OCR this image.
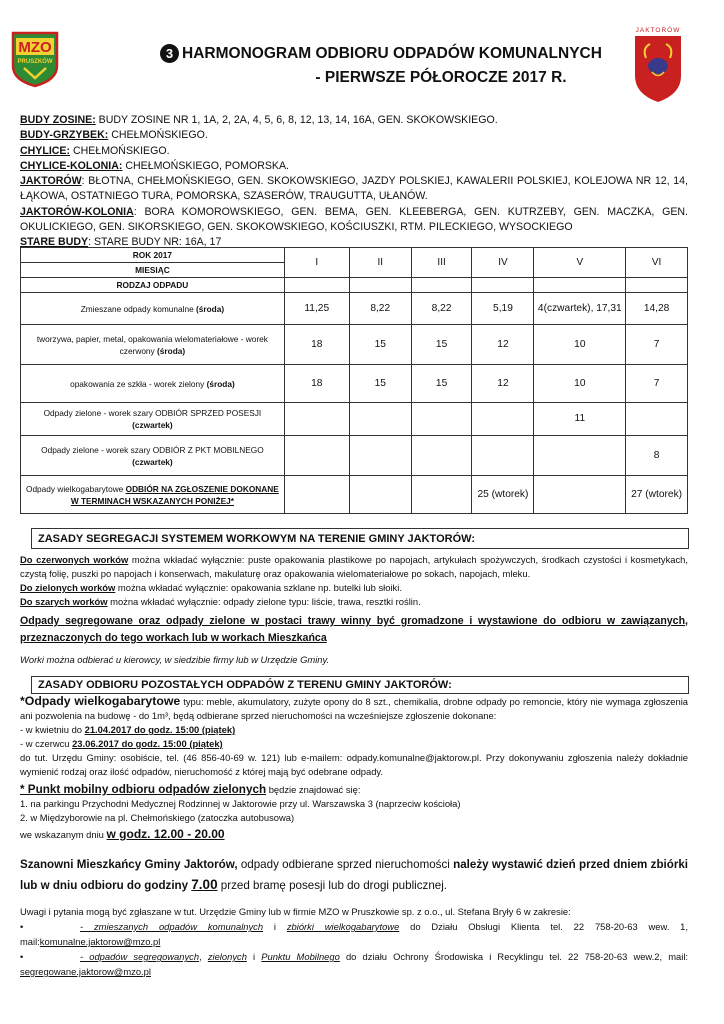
MZO
PRUSZKÓW
JAKTORÓW
3 HARMONOGRAM ODBIORU ODPADÓW KOMUNALNYCH
- PIERWSZE PÓŁOROCZE 2017 R.

BUDY ZOSINE: BUDY ZOSINE NR 1, 1A, 2, 2A, 4, 5, 6, 8, 12, 13, 14, 16A, GEN. SKOKOWSKIEGO.

BUDY-GRZYBEK: CHEŁMOŃSKIEGO.

CHYLICE: CHEŁMOŃSKIEGO.

CHYLICE-KOLONIA: CHEŁMOŃSKIEGO, POMORSKA.

JAKTORÓW: BŁOTNA, CHEŁMOŃSKIEGO, GEN. SKOKOWSKIEGO, JAZDY POLSKIEJ, KAWALERII POLSKIEJ, KOLEJOWA NR 12, 14, ŁĄKOWA, OSTATNIEGO TURA, POMORSKA, SZASERÓW, TRAUGUTTA, UŁANÓW.

JAKTORÓW-KOLONIA: BORA KOMOROWSKIEGO, GEN. BEMA, GEN. KLEEBERGA, GEN. KUTRZEBY, GEN. MACZKA, GEN. OKULICKIEGO, GEN. SIKORSKIEGO, GEN. SKOKOWSKIEGO, KOŚCIUSZKI, RTM. PILECKIEGO, WYSOCKIEGO

STARE BUDY: STARE BUDY NR: 16A, 17

ROK 2017	I	II	III	IV	V	VI
MIESIĄC						
RODZAJ ODPADU						
Zmieszane odpady komunalne (środa)	11,25	8,22	8,22	5,19	4(czwartek), 17,31	14,28
tworzywa, papier, metal, opakowania wielomateriałowe - worek czerwony (środa)	18	15	15	12	10	7
opakowania ze szkła - worek zielony (środa)	18	15	15	12	10	7
Odpady zielone - worek szary ODBIÓR SPRZED POSESJI (czwartek)					11	
Odpady zielone - worek szary ODBIÓR Z PKT MOBILNEGO (czwartek)						8
Odpady wielkogabarytowe ODBIÓR NA ZGŁOSZENIE DOKONANE W TERMINACH WSKAZANYCH PONIŻEJ*				25 (wtorek)		27 (wtorek)
ZASADY SEGREGACJI SYSTEMEM WORKOWYM NA TERENIE GMINY JAKTORÓW:

Do czerwonych worków można wkładać wyłącznie: puste opakowania plastikowe po napojach, artykułach spożywczych, środkach czystości i kosmetykach, czystą folię, puszki po napojach i konserwach, makulaturę oraz opakowania wielomateriałowe po sokach, napojach, mleku.

Do zielonych worków można wkładać wyłącznie: opakowania szklane np. butelki lub słoiki.

Do szarych worków można wkładać wyłącznie: odpady zielone typu: liście, trawa, resztki roślin.

Odpady segregowane oraz odpady zielone w postaci trawy winny być gromadzone i wystawione do odbioru w zawiązanych, przeznaczonych do tego workach lub w workach Mieszkańca
Worki można odbierać u kierowcy, w siedzibie firmy lub w Urzędzie Gminy.
ZASADY ODBIORU POZOSTAŁYCH ODPADÓW Z TERENU GMINY JAKTORÓW:

*Odpady wielkogabarytowe typu: meble, akumulatory, zużyte opony do 8 szt., chemikalia, drobne odpady po remoncie, który nie wymaga zgłoszenia ani pozwolenia na budowę - do 1m³, będą odbierane sprzed nieruchomości na wcześniejsze zgłoszenie dokonane:

- w kwietniu do 21.04.2017 do godz. 15:00 (piątek)

- w czerwcu 23.06.2017 do godz. 15:00 (piątek)

do tut. Urzędu Gminy: osobiście, tel. (46 856-40-69 w. 121) lub e-mailem: odpady.komunalne@jaktorow.pl. Przy dokonywaniu zgłoszenia należy dokładnie wymienić rodzaj oraz ilość odpadów, nieruchomość z której mają być odebrane odpady.

* Punkt mobilny odbioru odpadów zielonych będzie znajdować się:

1. na parkingu Przychodni Medycznej Rodzinnej w Jaktorowie przy ul. Warszawska 3 (naprzeciw kościoła)

2. w Międzyborowie na pl. Chełmońskiego (zatoczka autobusowa)

we wskazanym dniu w godz. 12.00 - 20.00

Szanowni Mieszkańcy Gminy Jaktorów, odpady odbierane sprzed nieruchomości należy wystawić dzień przed dniem zbiórki lub w dniu odbioru do godziny 7.00 przed bramę posesji lub do drogi publicznej.

Uwagi i pytania mogą być zgłaszane w tut. Urzędzie Gminy lub w firmie MZO w Pruszkowie sp. z o.o., ul. Stefana Bryły 6 w zakresie:

•	- zmieszanych odpadów komunalnych i zbiórki wielkogabarytowe do Działu Obsługi Klienta tel. 22 758-20-63 wew. 1, mail:komunalne.jaktorow@mzo.pl

•	- odpadów segregowanych, zielonych i Punktu Mobilnego do działu Ochrony Środowiska i Recyklingu tel. 22 758-20-63 wew.2, mail: segregowane.jaktorow@mzo.pl
